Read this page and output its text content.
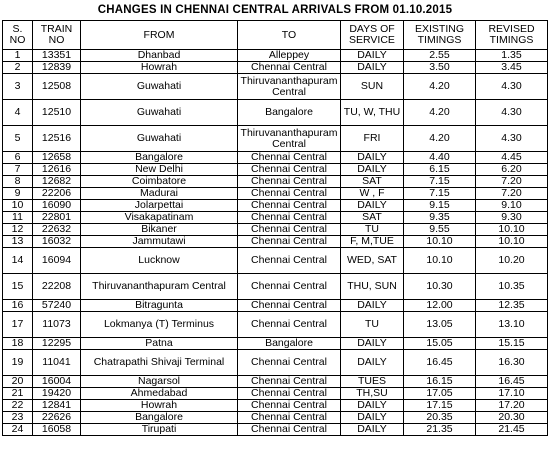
CHANGES IN CHENNAI CENTRAL ARRIVALS FROM 01.10.2015
S. NO	TRAIN NO	FROM	TO	DAYS OF SERVICE	EXISTING TIMINGS	REVISED TIMINGS
1	13351	Dhanbad	Alleppey	DAILY	2.55	1.35
2	12839	Howrah	Chennai Central	DAILY	3.50	3.45
3	12508	Guwahati	Thiruvananthapuram Central	SUN	4.20	4.30
4	12510	Guwahati	Bangalore	TU, W, THU	4.20	4.30
5	12516	Guwahati	Thiruvananthapuram Central	FRI	4.20	4.30
6	12658	Bangalore	Chennai Central	DAILY	4.40	4.45
7	12616	New Delhi	Chennai Central	DAILY	6.15	6.20
8	12682	Coimbatore	Chennai Central	SAT	7.15	7.20
9	22206	Madurai	Chennai Central	W , F	7.15	7.20
10	16090	Jolarpettai	Chennai Central	DAILY	9.15	9.10
11	22801	Visakapatinam	Chennai Central	SAT	9.35	9.30
12	22632	Bikaner	Chennai Central	TU	9.55	10.10
13	16032	Jammutawi	Chennai Central	F, M,TUE	10.10	10.10
14	16094	Lucknow	Chennai Central	WED, SAT	10.10	10.20
15	22208	Thiruvananthapuram Central	Chennai Central	THU, SUN	10.30	10.35
16	57240	Bitragunta	Chennai Central	DAILY	12.00	12.35
17	11073	Lokmanya (T) Terminus	Chennai Central	TU	13.05	13.10
18	12295	Patna	Bangalore	DAILY	15.05	15.15
19	11041	Chatrapathi Shivaji Terminal	Chennai Central	DAILY	16.45	16.30
20	16004	Nagarsol	Chennai Central	TUES	16.15	16.45
21	19420	Ahmedabad	Chennai Central	TH,SU	17.05	17.10
22	12841	Howrah	Chennai Central	DAILY	17.15	17.20
23	22626	Bangalore	Chennai Central	DAILY	20.35	20.30
24	16058	Tirupati	Chennai Central	DAILY	21.35	21.45
